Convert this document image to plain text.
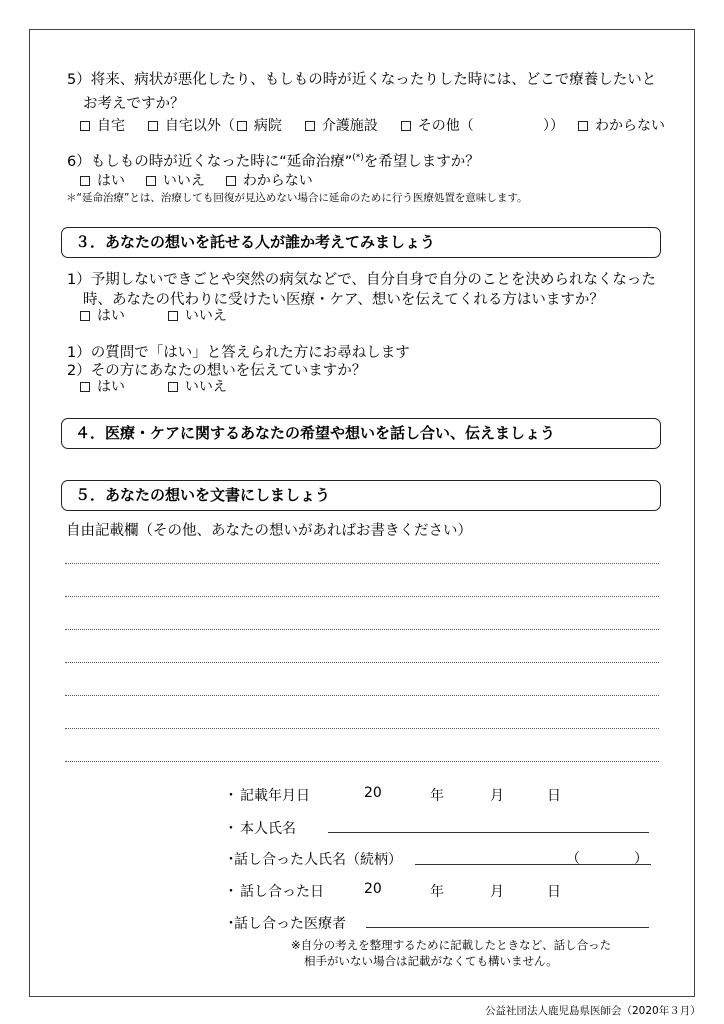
5）将来、病状が悪化したり、もしもの時が近くなったりした時には、どこで療養したいと
お考えですか？
自宅	自宅以外（ 病院	介護施設	その他（	））	わからない
6）もしもの時が近くなった時に“延命治療”(*)を希望しますか？
はい	いいえ	わからない
＊“延命治療”とは、治療しても回復が見込めない場合に延命のために行う医療処置を意味します。
３．あなたの想いを託せる人が誰か考えてみましょう
1）予期しないできごとや突然の病気などで、自分自身で自分のことを決められなくなった
時、あなたの代わりに受けたい医療・ケア、想いを伝えてくれる方はいますか？
はい	いいえ
1）の質問で「はい」と答えられた方にお尋ねします
2）その方にあなたの想いを伝えていますか？
はい	いいえ
４．医療・ケアに関するあなたの希望や想いを話し合い、伝えましょう
５．あなたの想いを文書にしましょう
自由記載欄（その他、あなたの想いがあればお書きください）
・ 記載年月日	20	年	月	日
・ 本人氏名
・
話し合った人氏名（続柄）	（	）
・ 話し合った日	20	年	月	日
・
話し合った医療者
※自分の考えを整理するために記載したときなど、話し合った
相手がいない場合は記載がなくても構いません。
公益社団法人鹿児島県医師会（2020年３月）
